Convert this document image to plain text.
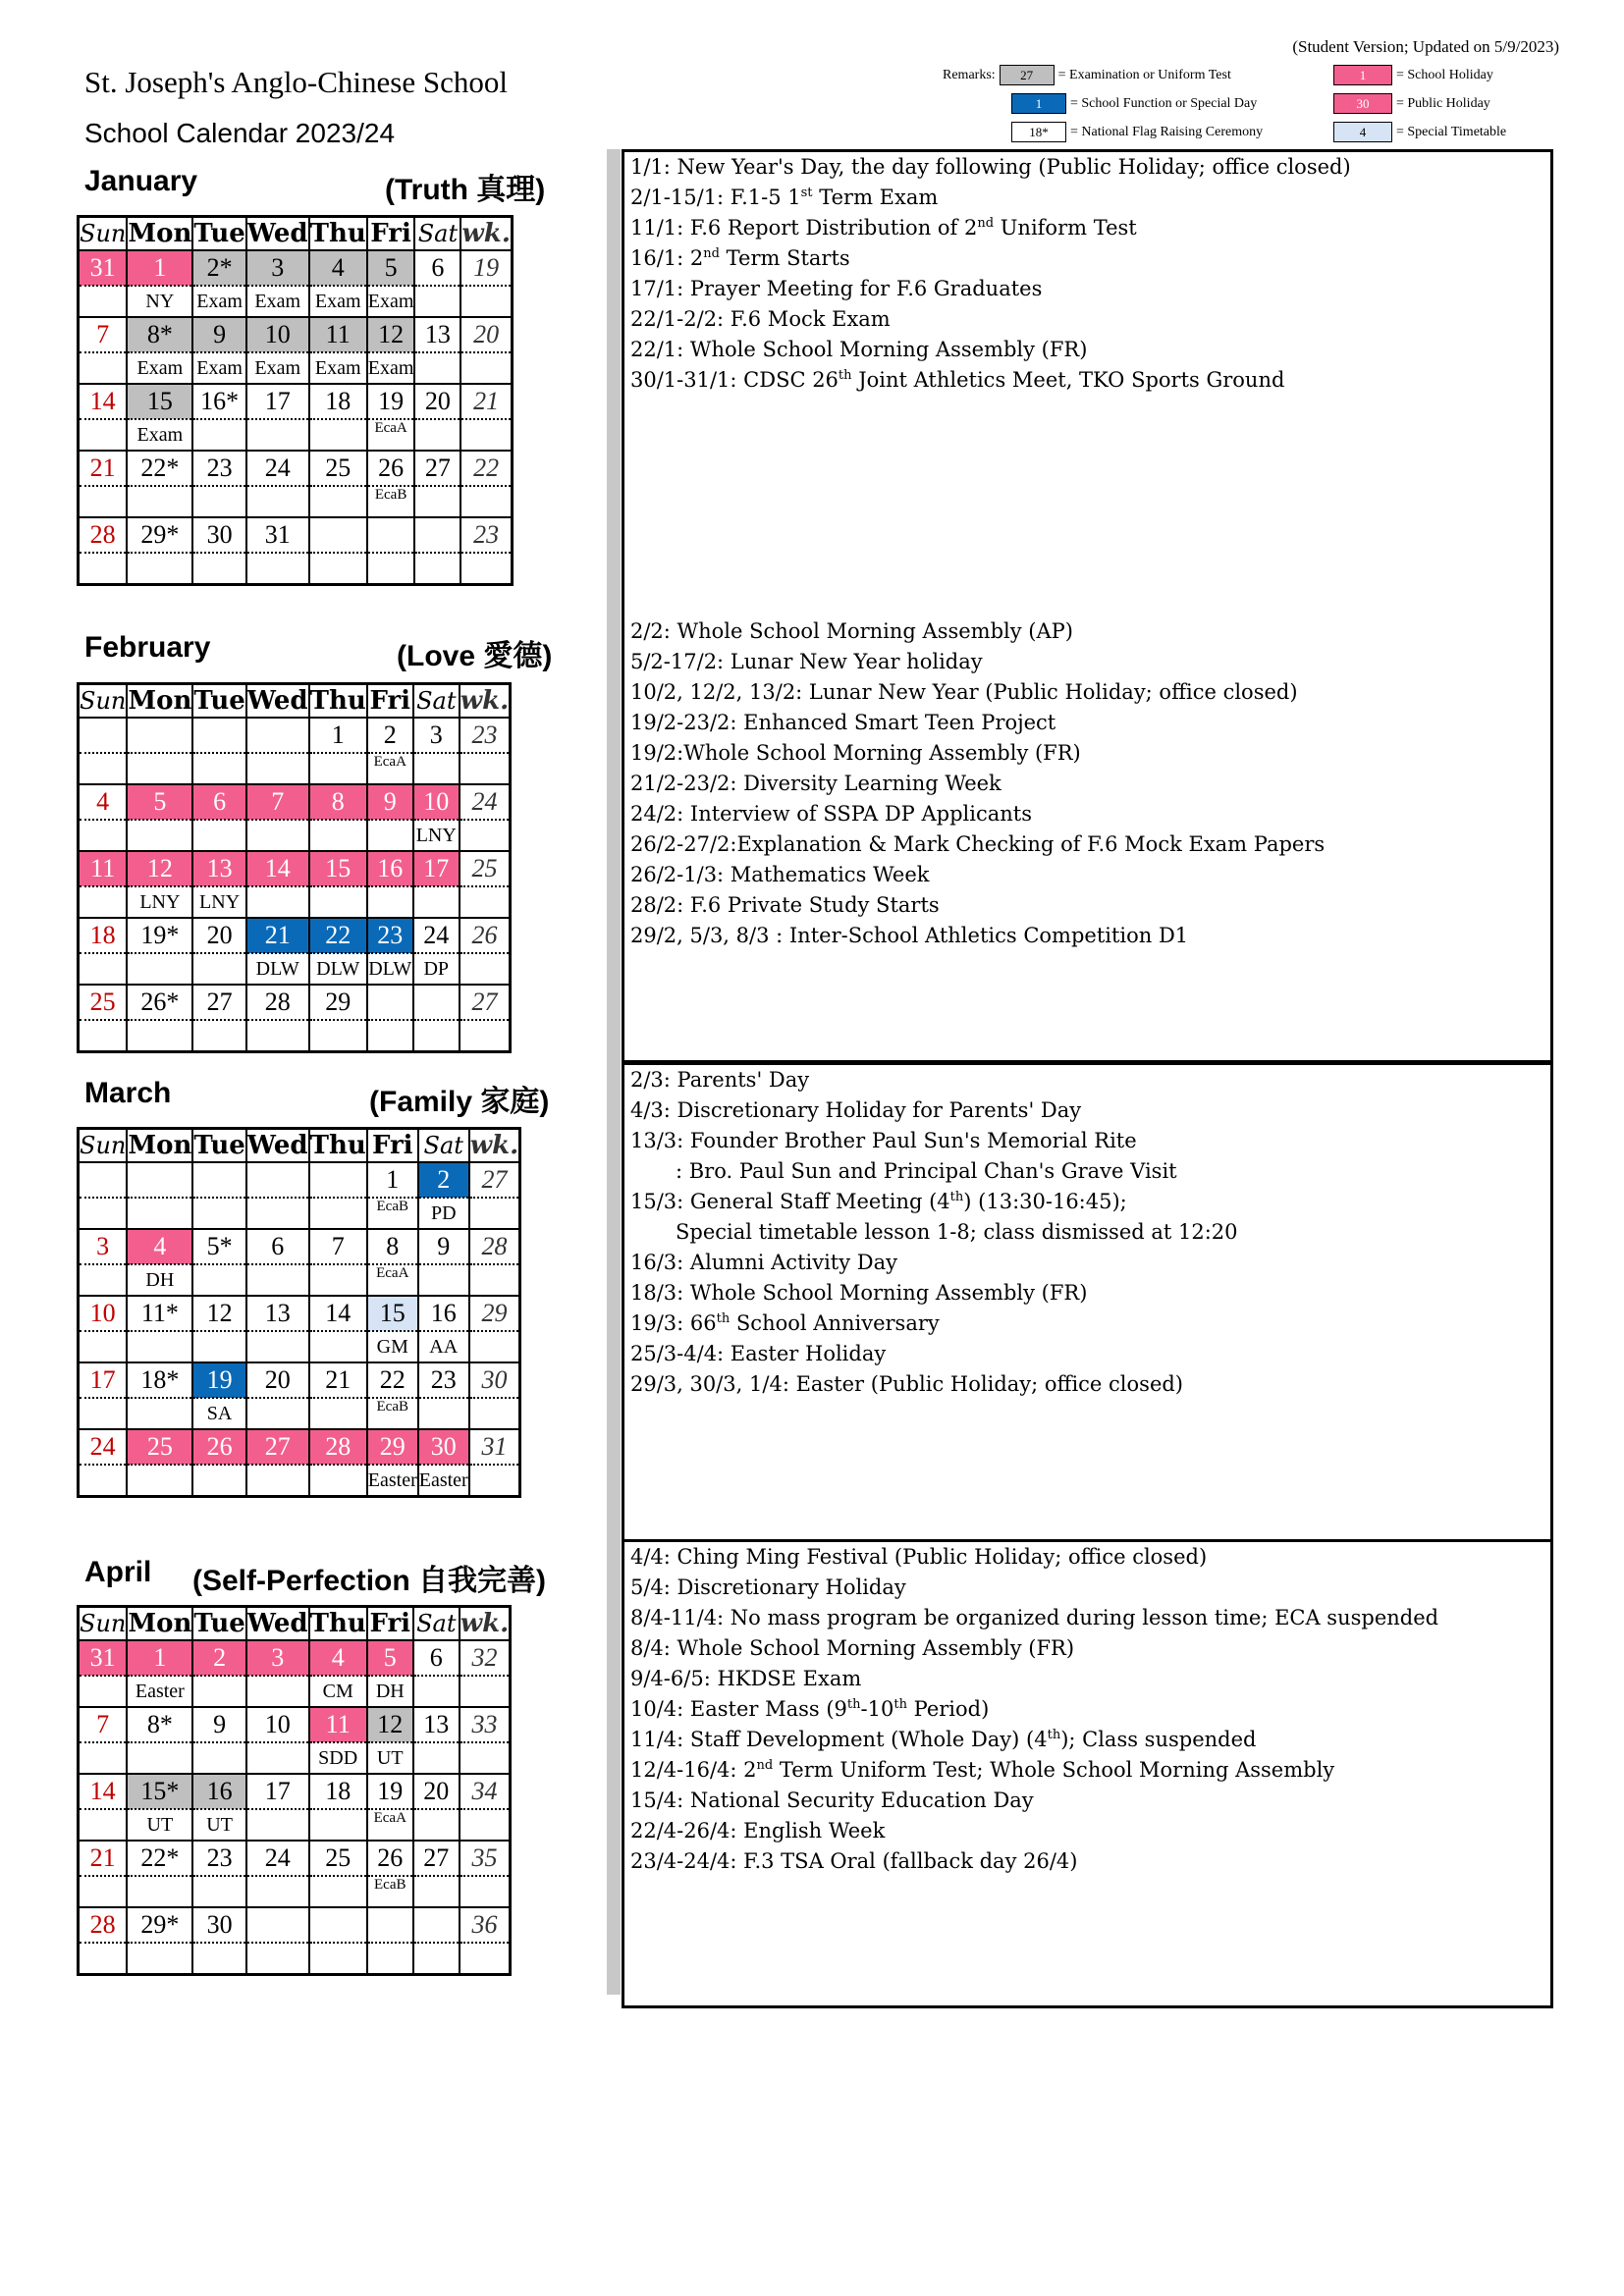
St. Joseph's Anglo-Chinese School
School Calendar 2023/24
(Student Version; Updated on 5/9/2023)
Remarks:	27	= Examination or Uniform Test
1	= School Function or Special Day
18*	= National Flag Raising Ceremony
1	= School Holiday
30	= Public Holiday
4	= Special Timetable
January	(Truth 真理)
February	(Love 愛德)
March	(Family 家庭)
April (Self-Perfection 自我完善)
Sun	Mon	Tue	Wed	Thu	Fri	Sat	wk.
31	1	2*	3	4	5	6	19
	NY	Exam	Exam	Exam	Exam		
7	8*	9	10	11	12	13	20
	Exam	Exam	Exam	Exam	Exam		
14	15	16*	17	18	19	20	21
	Exam				EcaA		
21	22*	23	24	25	26	27	22
					EcaB		
28	29*	30	31				23

Sun	Mon	Tue	Wed	Thu	Fri	Sat	wk.
				1	2	3	23
					EcaA		
4	5	6	7	8	9	10	24
						LNY	
11	12	13	14	15	16	17	25
	LNY	LNY					
18	19*	20	21	22	23	24	26
			DLW	DLW	DLW	DP	
25	26*	27	28	29			27

Sun	Mon	Tue	Wed	Thu	Fri	Sat	wk.
					1	2	27
					EcaB	PD	
3	4	5*	6	7	8	9	28
	DH				EcaA		
10	11*	12	13	14	15	16	29
					GM	AA	
17	18*	19	20	21	22	23	30
		SA			EcaB		
24	25	26	27	28	29	30	31
					Easter	Easter	
Sun	Mon	Tue	Wed	Thu	Fri	Sat	wk.
31	1	2	3	4	5	6	32
	Easter			CM	DH		
7	8*	9	10	11	12	13	33
				SDD	UT		
14	15*	16	17	18	19	20	34
	UT	UT			EcaA		
21	22*	23	24	25	26	27	35
					EcaB		
28	29*	30					36

1/1: New Year's Day, the day following (Public Holiday; office closed)
2/1-15/1: F.1-5 1st Term Exam
11/1: F.6 Report Distribution of 2nd Uniform Test
16/1: 2nd Term Starts
17/1: Prayer Meeting for F.6 Graduates
22/1-2/2: F.6 Mock Exam
22/1: Whole School Morning Assembly (FR)
30/1-31/1: CDSC 26th Joint Athletics Meet, TKO Sports Ground
2/2: Whole School Morning Assembly (AP)
5/2-17/2: Lunar New Year holiday
10/2, 12/2, 13/2: Lunar New Year (Public Holiday; office closed)
19/2-23/2: Enhanced Smart Teen Project
19/2:Whole School Morning Assembly (FR)
21/2-23/2: Diversity Learning Week
24/2: Interview of SSPA DP Applicants
26/2-27/2:Explanation & Mark Checking of F.6 Mock Exam Papers
26/2-1/3: Mathematics Week
28/2: F.6 Private Study Starts
29/2, 5/3, 8/3 : Inter-School Athletics Competition D1
2/3: Parents' Day
4/3: Discretionary Holiday for Parents' Day
13/3: Founder Brother Paul Sun's Memorial Rite
: Bro. Paul Sun and Principal Chan's Grave Visit
15/3: General Staff Meeting (4th) (13:30-16:45);
Special timetable lesson 1-8; class dismissed at 12:20
16/3: Alumni Activity Day
18/3: Whole School Morning Assembly (FR)
19/3: 66th School Anniversary
25/3-4/4: Easter Holiday
29/3, 30/3, 1/4: Easter (Public Holiday; office closed)
4/4: Ching Ming Festival (Public Holiday; office closed)
5/4: Discretionary Holiday
8/4-11/4: No mass program be organized during lesson time; ECA suspended
8/4: Whole School Morning Assembly (FR)
9/4-6/5: HKDSE Exam
10/4: Easter Mass (9th-10th Period)
11/4: Staff Development (Whole Day) (4th); Class suspended
12/4-16/4: 2nd Term Uniform Test; Whole School Morning Assembly
15/4: National Security Education Day
22/4-26/4: English Week
23/4-24/4: F.3 TSA Oral (fallback day 26/4)
